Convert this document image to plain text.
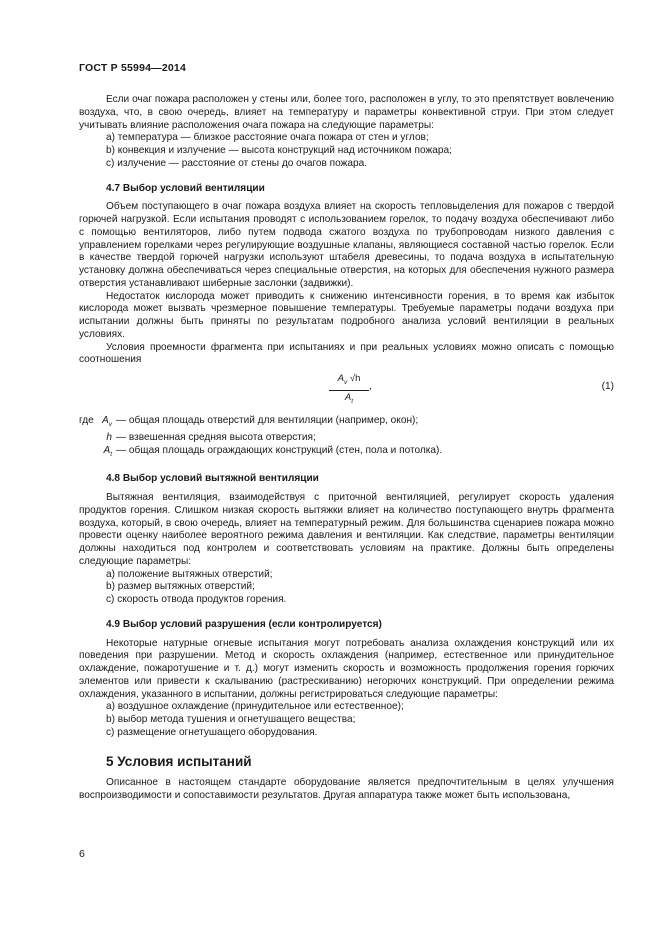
ГОСТ Р 55994—2014

Если очаг пожара расположен у стены или, более того, расположен в углу, то это препятствует вовлечению воздуха, что, в свою очередь, влияет на температуру и параметры конвективной струи. При этом следует учитывать влияние расположения очага пожара на следующие параметры:

a) температура — близкое расстояние очага пожара от стен и углов;

b) конвекция и излучение — высота конструкций над источником пожара;

c) излучение — расстояние от стены до очагов пожара.

4.7 Выбор условий вентиляции

Объем поступающего в очаг пожара воздуха влияет на скорость тепловыделения для пожаров с твердой горючей нагрузкой. Если испытания проводят с использованием горелок, то подачу воздуха обеспечивают либо с помощью вентиляторов, либо путем подвода сжатого воздуха по трубопроводам низкого давления с управлением горелками через регулирующие воздушные клапаны, являющиеся составной частью горелок. Если в качестве твердой горючей нагрузки используют штабеля древесины, то подача воздуха в испытательную установку должна обеспечиваться через специальные отверстия, на которых для обеспечения нужного размера отверстия устанавливают шиберные заслонки (задвижки).

Недостаток кислорода может приводить к снижению интенсивности горения, в то время как избыток кислорода может вызвать чрезмерное повышение температуры. Требуемые параметры подачи воздуха при испытании должны быть приняты по результатам подробного анализа условий вентиляции в реальных условиях.

Условия проемности фрагмента при испытаниях и при реальных условиях можно описать с помощью соотношения

$\frac{A_v √h}{A_t}$ ,	(1)
где $A_v$ — общая площадь отверстий для вентиляции (например, окон);
h — взвешенная средняя высота отверстия;
$A_t$ — общая площадь ограждающих конструкций (стен, пола и потолка).
4.8 Выбор условий вытяжной вентиляции

Вытяжная вентиляция, взаимодействуя с приточной вентиляцией, регулирует скорость удаления продуктов горения. Слишком низкая скорость вытяжки влияет на количество поступающего внутрь фрагмента воздуха, который, в свою очередь, влияет на температурный режим. Для большинства сценариев пожара можно провести оценку наиболее вероятного режима давления и вентиляции. Как следствие, параметры вентиляции должны находиться под контролем и соответствовать условиям на практике. Должны быть определены следующие параметры:

a) положение вытяжных отверстий;

b) размер вытяжных отверстий;

c) скорость отвода продуктов горения.

4.9 Выбор условий разрушения (если контролируется)

Некоторые натурные огневые испытания могут потребовать анализа охлаждения конструкций или их поведения при разрушении. Метод и скорость охлаждения (например, естественное или принудительное охлаждение, пожаротушение и т. д.) могут изменить скорость и возможность продолжения горения горючих элементов или привести к скалыванию (растрескиванию) негорючих конструкций. При определении режима охлаждения, указанного в испытании, должны регистрироваться следующие параметры:

a) воздушное охлаждение (принудительное или естественное);

b) выбор метода тушения и огнетушащего вещества;

c) размещение огнетушащего оборудования.

5 Условия испытаний

Описанное в настоящем стандарте оборудование является предпочтительным в целях улучшения воспроизводимости и сопоставимости результатов. Другая аппаратура также может быть использована,

6
